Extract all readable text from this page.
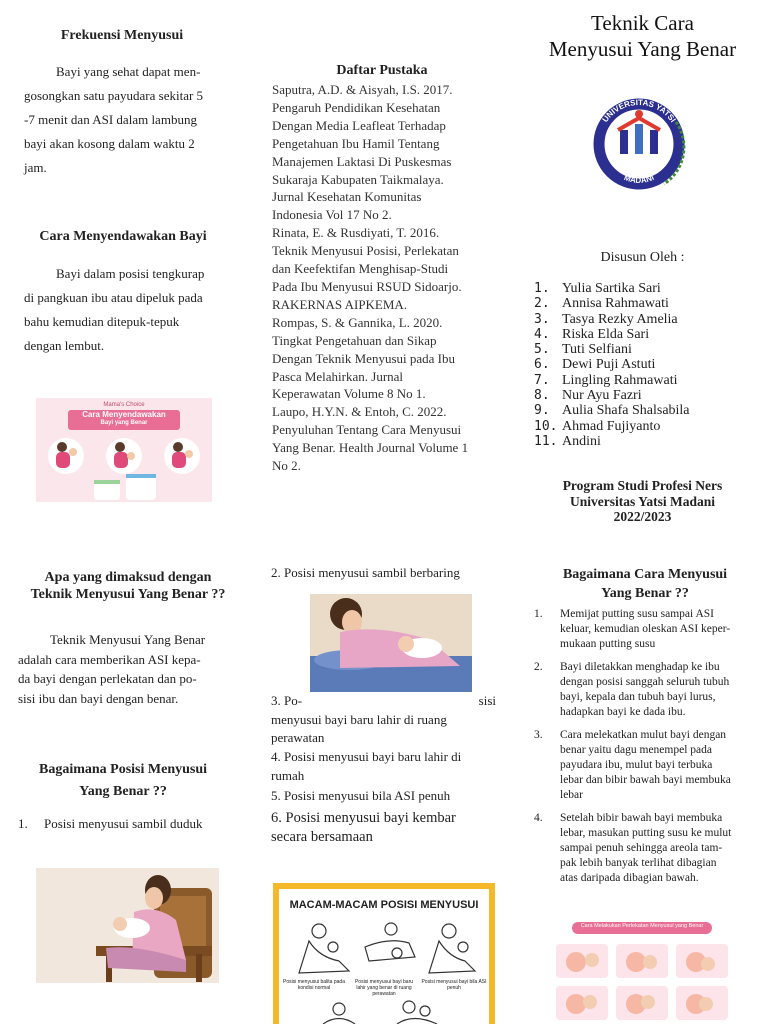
Frekuensi Menyusui
Bayi yang sehat dapat men-
gosongkan satu payudara sekitar 5
-7 menit dan ASI dalam lambung
bayi akan kosong dalam waktu 2
jam.
Cara Menyendawakan Bayi
Bayi dalam posisi tengkurap
di pangkuan ibu atau dipeluk pada
bahu kemudian ditepuk-tepuk
dengan lembut.
Mama's Choice
Cara Menyendawakan
Bayi yang Benar
Daftar Pustaka
Saputra, A.D. & Aisyah, I.S. 2017.
Pengaruh Pendidikan Kesehatan
Dengan Media Leafleat Terhadap
Pengetahuan Ibu Hamil Tentang
Manajemen Laktasi Di Puskesmas
Sukaraja Kabupaten Taikmalaya.
Jurnal Kesehatan Komunitas
Indonesia Vol 17 No 2.
Rinata, E. & Rusdiyati, T. 2016.
Teknik Menyusui Posisi, Perlekatan
dan Keefektifan Menghisap-Studi
Pada Ibu Menyusui RSUD Sidoarjo.
RAKERNAS AIPKEMA.
Rompas, S. & Gannika, L. 2020.
Tingkat Pengetahuan dan Sikap
Dengan Teknik Menyusui pada Ibu
Pasca Melahirkan. Jurnal
Keperawatan Volume 8 No 1.
Laupo, H.Y.N. & Entoh, C. 2022.
Penyuluhan Tentang Cara Menyusui
Yang Benar. Health Journal Volume 1
No 2.
Teknik Cara
Menyusui Yang Benar
UNIVERSITAS YATSI
MADANI
Disusun Oleh :
1. Yulia Sartika Sari
2. Annisa Rahmawati
3. Tasya Rezky Amelia
4. Riska Elda Sari
5. Tuti Selfiani
6. Dewi Puji Astuti
7. Lingling Rahmawati
8. Nur Ayu Fazri
9. Aulia Shafa Shalsabila
10. Ahmad Fujiyanto
11. Andini
Program Studi Profesi Ners
Universitas Yatsi Madani
2022/2023
Apa yang dimaksud dengan
Teknik Menyusui Yang Benar ??
Teknik Menyusui Yang Benar
adalah cara memberikan ASI kepa-
da bayi dengan perlekatan dan po-
sisi ibu dan bayi dengan benar.
Bagaimana Posisi Menyusui
Yang Benar ??
1. Posisi menyusui sambil duduk
2. Posisi menyusui sambil berbaring
3. Po-	sisi
menyusui bayi baru lahir di ruang
perawatan
4. Posisi menyusui bayi baru lahir di
rumah
5. Posisi menyusui bila ASI penuh
6. Posisi menyusui bayi kembar
secara bersamaan
MACAM-MACAM POSISI MENYUSUI
Posisi menyusui balita pada kondisi normal
Posisi menyusui bayi baru lahir yang benar di ruang perawatan
Posisi menyusui bayi bila ASI penuh
Bagaimana Cara Menyusui
Yang Benar ??
1.	Memijat putting susu sampai ASI
keluar, kemudian oleskan ASI keper-
mukaan putting susu
2.	Bayi diletakkan menghadap ke ibu
dengan posisi sanggah seluruh tubuh
bayi, kepala dan tubuh bayi lurus,
hadapkan bayi ke dada ibu.
3.	Cara melekatkan mulut bayi dengan
benar yaitu dagu menempel pada
payudara ibu, mulut bayi terbuka
lebar dan bibir bawah bayi membuka
lebar
4.	Setelah bibir bawah bayi membuka
lebar, masukan putting susu ke mulut
sampai penuh sehingga areola tam-
pak lebih banyak terlihat dibagian
atas daripada dibagian bawah.
Cara Melakukan Perlekatan Menyusui yang Benar
